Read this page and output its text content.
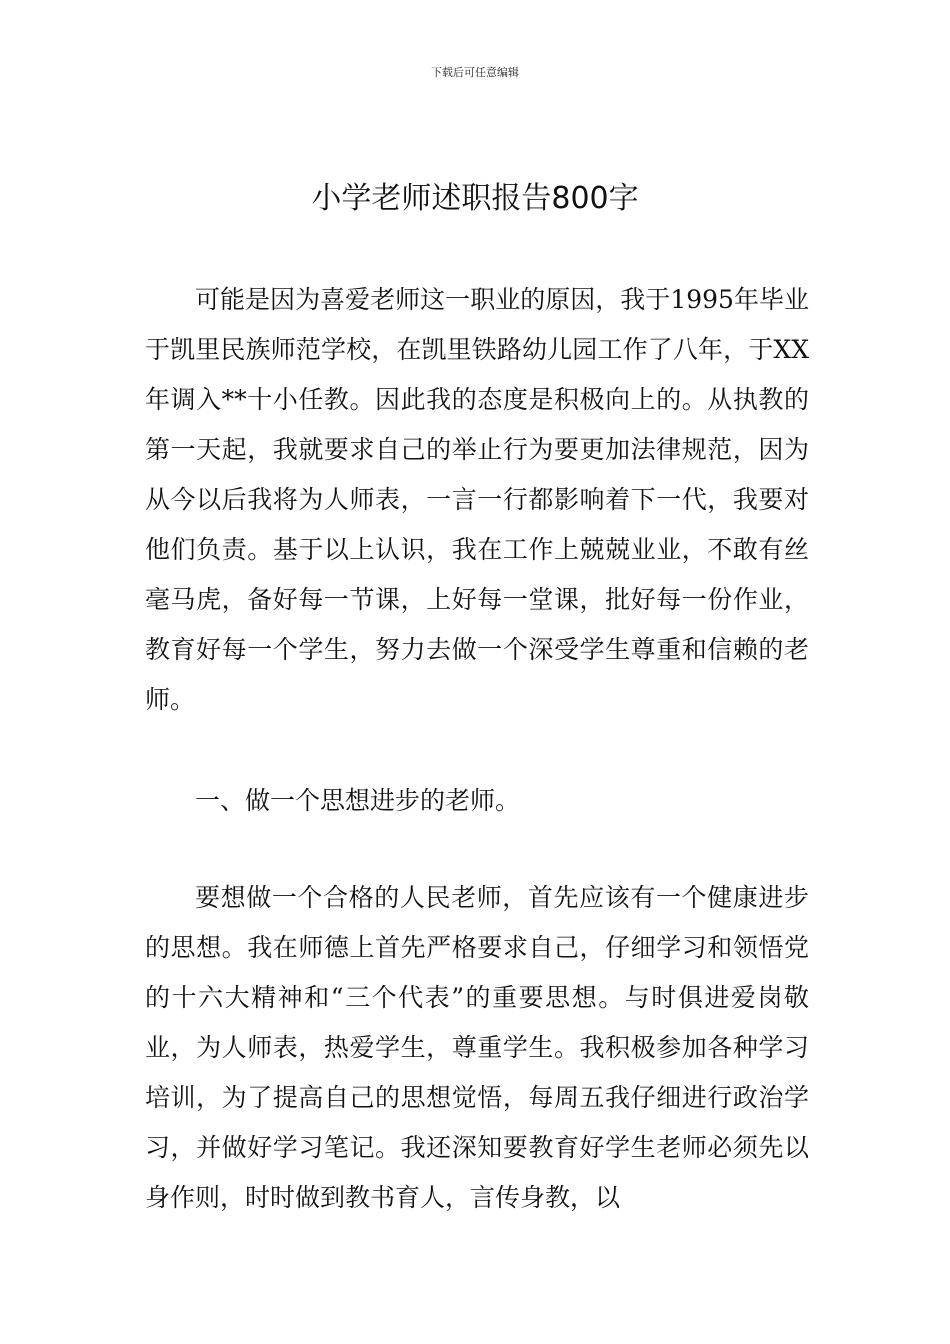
下载后可任意编辑
小学老师述职报告800字

可能是因为喜爱老师这一职业的原因，我于1995年毕业于凯里民族师范学校，在凯里铁路幼儿园工作了八年，于XX年调入**十小任教。因此我的态度是积极向上的。从执教的第一天起，我就要求自己的举止行为要更加法律规范，因为从今以后我将为人师表，一言一行都影响着下一代，我要对他们负责。基于以上认识，我在工作上兢兢业业，不敢有丝毫马虎，备好每一节课，上好每一堂课，批好每一份作业，教育好每一个学生，努力去做一个深受学生尊重和信赖的老师。

一、做一个思想进步的老师。

要想做一个合格的人民老师，首先应该有一个健康进步的思想。我在师德上首先严格要求自己，仔细学习和领悟党的十六大精神和“三个代表”的重要思想。与时俱进爱岗敬业，为人师表，热爱学生，尊重学生。我积极参加各种学习培训，为了提高自己的思想觉悟，每周五我仔细进行政治学习，并做好学习笔记。我还深知要教育好学生老师必须先以身作则，时时做到教书育人，言传身教，以
